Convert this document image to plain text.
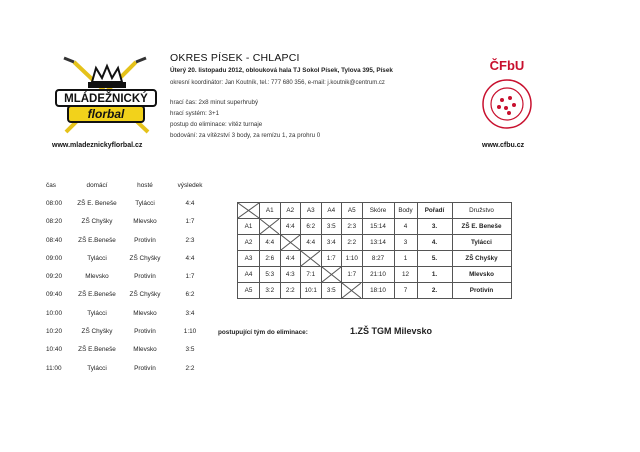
MLÁDEŽNICKÝ
florbal
www.mladeznickyflorbal.cz
ČFbU
www.cfbu.cz
OKRES PÍSEK - CHLAPCI
Úterý 20. listopadu 2012, oblouková hala TJ Sokol Písek, Tylova 395, Písek
okresní koordinátor: Jan Koutník, tel.: 777 680 356, e-mail: j.koutnik@centrum.cz
hrací čas: 2x8 minut superhrubý
hrací systém: 3+1
postup do eliminace: vítěz turnaje
bodování: za vítězství 3 body, za remízu 1, za prohru 0
čas	domácí	hosté	výsledek
08:00	ZŠ E. Beneše	Tylácci	4:4
08:20	ZŠ Chyšky	Mlevsko	1:7
08:40	ZŠ E.Beneše	Protivín	2:3
09:00	Tylácci	ZŠ Chyšky	4:4
09:20	Mlevsko	Protivín	1:7
09:40	ZŠ E.Beneše	ZŠ Chyšky	6:2
10:00	Tylácci	Mlevsko	3:4
10:20	ZŠ Chyšky	Protivín	1:10
10:40	ZŠ E.Beneše	Mlevsko	3:5
11:00	Tylácci	Protivín	2:2
	A1	A2	A3	A4	A5	Skóre	Body	Pořadí	Družstvo
A1		4:4	6:2	3:5	2:3	15:14	4	3.	ZŠ E. Beneše
A2	4:4		4:4	3:4	2:2	13:14	3	4.	Tylácci
A3	2:6	4:4		1:7	1:10	8:27	1	5.	ZŠ Chyšky
A4	5:3	4:3	7:1		1:7	21:10	12	1.	Mlevsko
A5	3:2	2:2	10:1	3:5		18:10	7	2.	Protivín
postupující tým do eliminace:	1.ZŠ TGM Milevsko
